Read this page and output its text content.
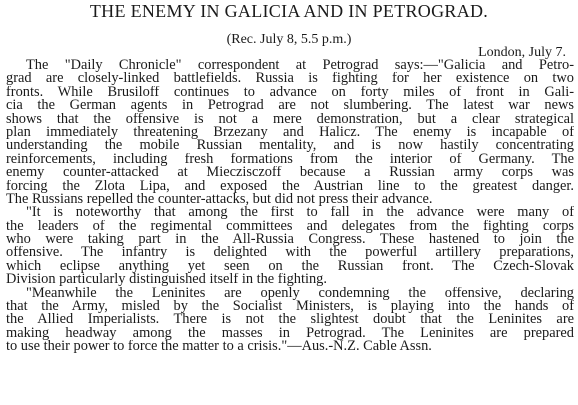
THE ENEMY IN GALICIA AND IN PETROGRAD.
(Rec. July 8, 5.5 p.m.)
London, July 7.
The "Daily Chronicle" correspondent at Petrograd says:—"Galicia and Petro-
grad are closely-linked battlefields. Russia is fighting for her existence on two
fronts. While Brusiloff continues to advance on forty miles of front in Gali-
cia the German agents in Petrograd are not slumbering. The latest war news
shows that the offensive is not a mere demonstration, but a clear strategical
plan immediately threatening Brzezany and Halicz. The enemy is incapable of
understanding the mobile Russian mentality, and is now hastily concentrating
reinforcements, including fresh formations from the interior of Germany. The
enemy counter-attacked at Mieczisczoff because a Russian army corps was
forcing the Zlota Lipa, and exposed the Austrian line to the greatest danger.
The Russians repelled the counter-attacks, but did not press their advance.
"It is noteworthy that among the first to fall in the advance were many of
the leaders of the regimental committees and delegates from the fighting corps
who were taking part in the All-Russia Congress. These hastened to join the
offensive. The infantry is delighted with the powerful artillery preparations,
which eclipse anything yet seen on the Russian front. The Czech-Slovak
Division particularly distinguished itself in the fighting.
"Meanwhile the Leninites are openly condemning the offensive, declaring
that the Army, misled by the Socialist Ministers, is playing into the hands of
the Allied Imperialists. There is not the slightest doubt that the Leninites are
making headway among the masses in Petrograd. The Leninites are prepared
to use their power to force the matter to a crisis."—Aus.-N.Z. Cable Assn.
